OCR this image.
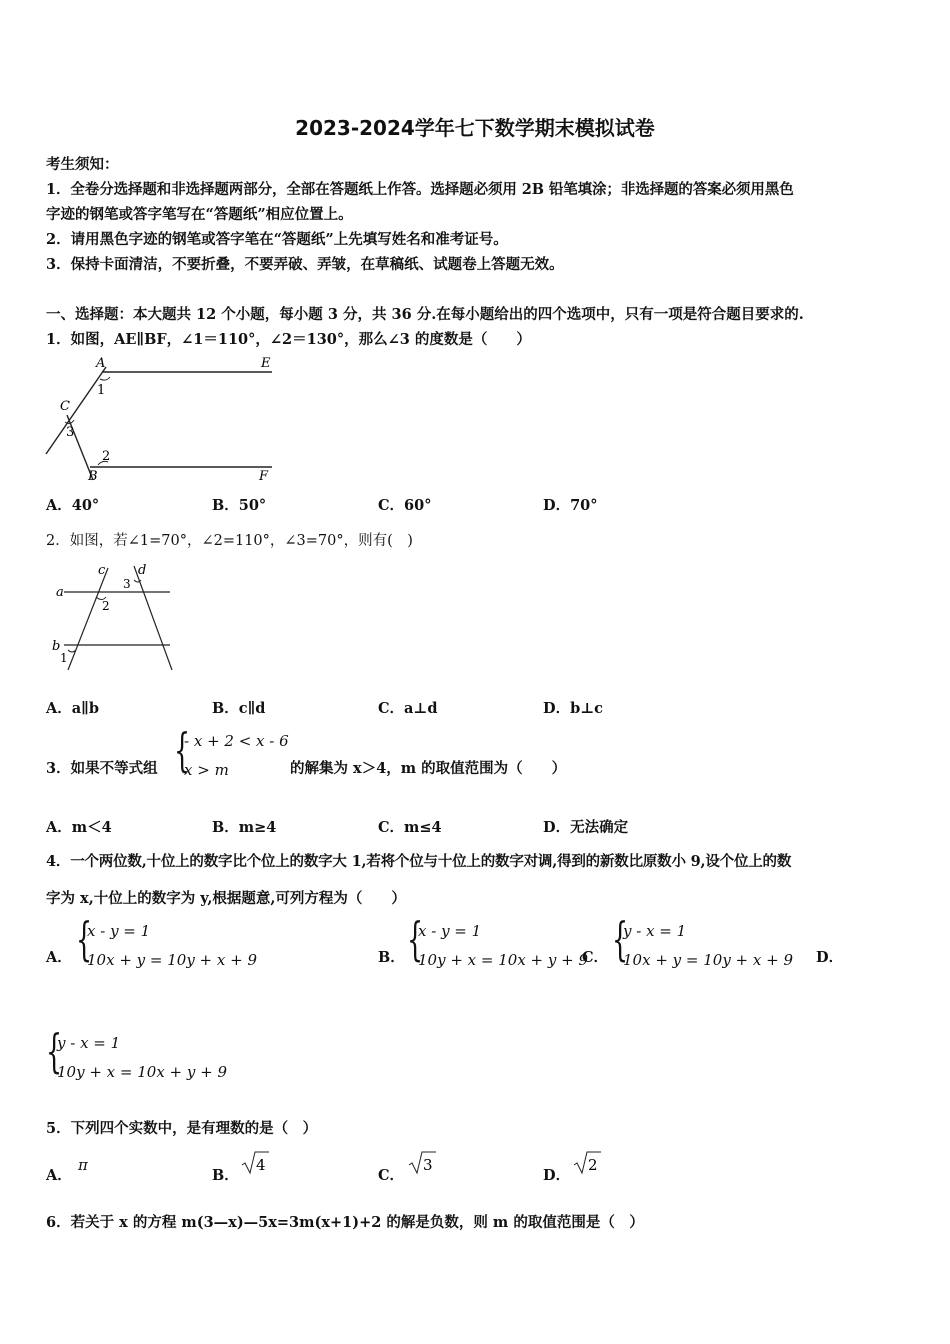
2023-2024学年七下数学期末模拟试卷
考生须知：
1．全卷分选择题和非选择题两部分，全部在答题纸上作答。选择题必须用 2B 铅笔填涂；非选择题的答案必须用黑色
字迹的钢笔或答字笔写在“答题纸”相应位置上。
2．请用黑色字迹的钢笔或答字笔在“答题纸”上先填写姓名和准考证号。
3．保持卡面清洁，不要折叠，不要弄破、弄皱，在草稿纸、试题卷上答题无效。
一、选择题：本大题共 12 个小题，每小题 3 分，共 36 分.在每小题给出的四个选项中，只有一项是符合题目要求的.
1．如图，AE∥BF，∠1＝110°，∠2＝130°，那么∠3 的度数是（　　）
A	E
C
B	F
1
2
3
A．40°	B．50°	C．60°	D．70°
2．如图，若∠1=70°，∠2=110°，∠3=70°，则有(　)
a
b
c	d
1
2
3
A．a∥b	B．c∥d	C．a⊥d	D．b⊥c
3．如果不等式组 {
- x + 2 < x - 6
x > m	的解集为 x＞4，m 的取值范围为（　　）
A．m＜4	B．m≥4	C．m≤4	D．无法确定
4．一个两位数,十位上的数字比个位上的数字大 1,若将个位与十位上的数字对调,得到的新数比原数小 9,设个位上的数
字为 x,十位上的数字为 y,根据题意,可列方程为（　　）
A． {
x - y = 1
10x + y = 10y + x + 9	B． {
x - y = 1
10y + x = 10x + y + 9
C． {
y - x = 1
10x + y = 10y + x + 9 D．
{
y - x = 1
10y + x = 10x + y + 9
5．下列四个实数中，是有理数的是（　）
A．
π
B．
4
C．
3
D．
2
6．若关于 x 的方程 m(3—x)—5x=3m(x+1)+2 的解是负数，则 m 的取值范围是（　）
